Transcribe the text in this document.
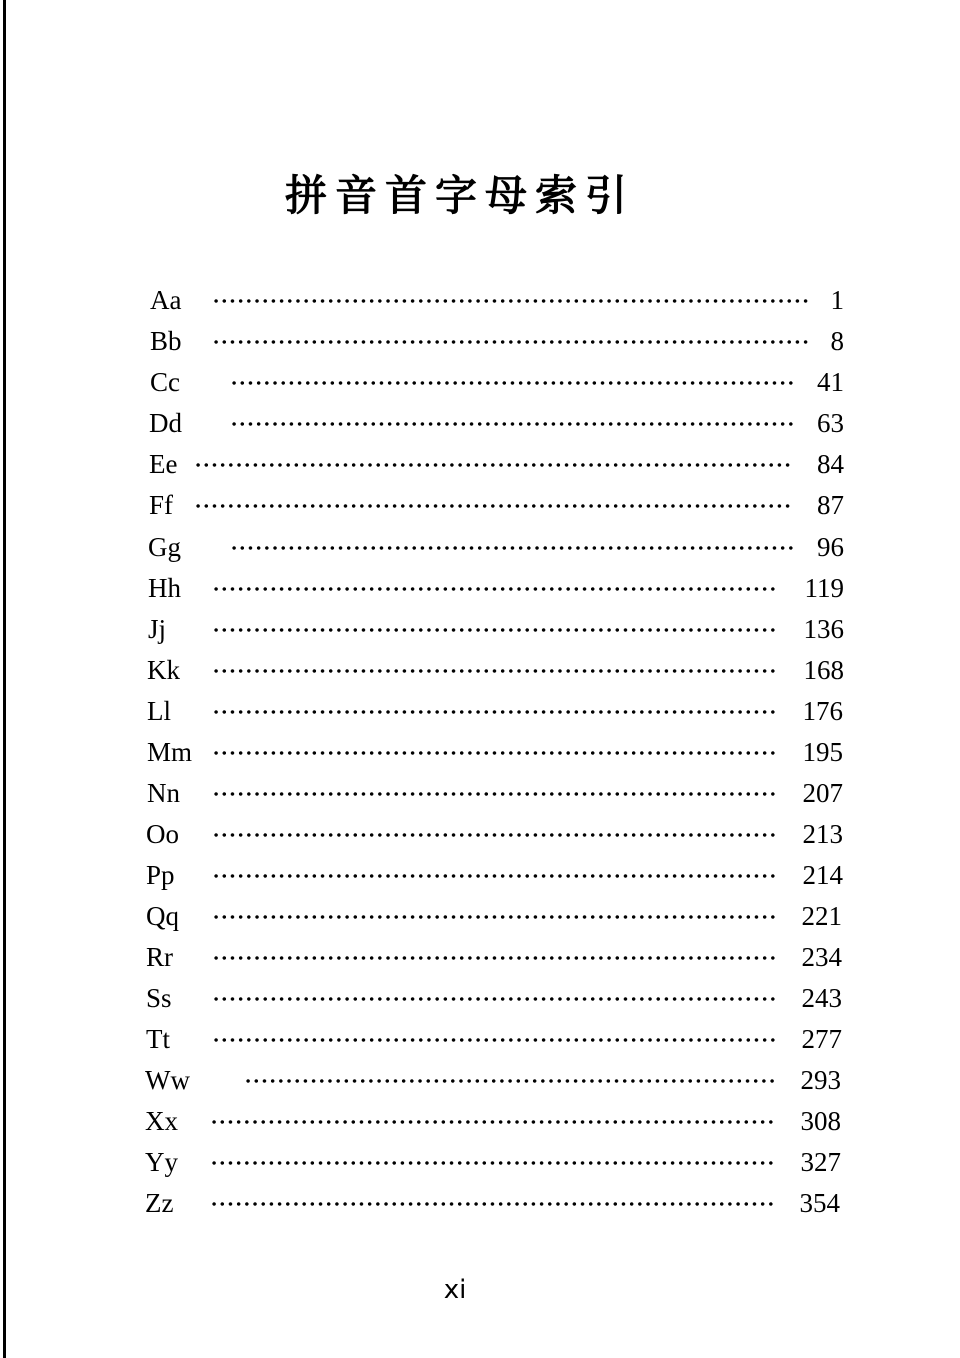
拼音首字母索引
Aa	1
Bb	8
Cc	41
Dd	63
Ee	84
Ff	87
Gg	96
Hh	119
Jj	136
Kk	168
Ll	176
Mm	195
Nn	207
Oo	213
Pp	214
Qq	221
Rr	234
Ss	243
Tt	277
Ww	293
Xx	308
Yy	327
Zz	354
xi
